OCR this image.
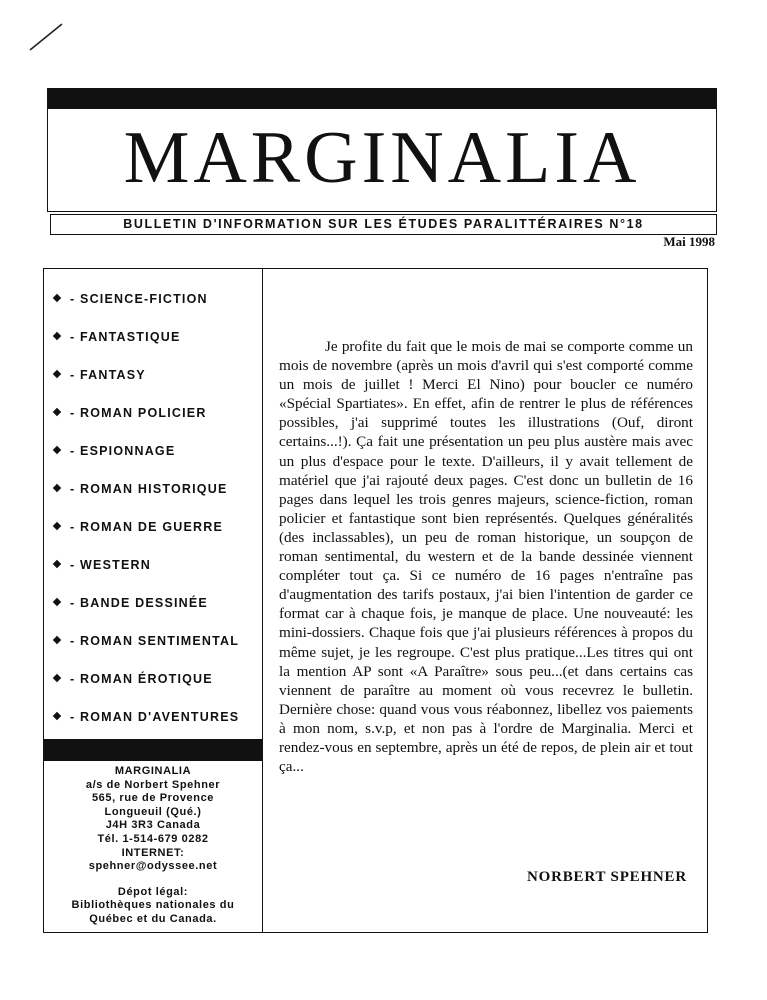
MARGINALIA
BULLETIN D'INFORMATION SUR LES ÉTUDES PARALITTÉRAIRES N°18
Mai 1998
- SCIENCE-FICTION
- FANTASTIQUE
- FANTASY
- ROMAN POLICIER
- ESPIONNAGE
- ROMAN HISTORIQUE
- ROMAN DE GUERRE
- WESTERN
- BANDE DESSINÉE
- ROMAN SENTIMENTAL
- ROMAN ÉROTIQUE
- ROMAN D'AVENTURES
MARGINALIA
a/s de Norbert Spehner
565, rue de Provence
Longueuil (Qué.)
J4H 3R3 Canada
Tél. 1-514-679 0282
INTERNET:
spehner@odyssee.net
Dépot légal:
Bibliothèques nationales du
Québec et du Canada.

Je profite du fait que le mois de mai se comporte comme un mois de novembre (après un mois d'avril qui s'est comporté comme un mois de juillet ! Merci El Nino) pour boucler ce numéro «Spécial Spartiates». En effet, afin de rentrer le plus de références possibles, j'ai supprimé toutes les illustrations (Ouf, diront certains...!). Ça fait une présentation un peu plus austère mais avec un plus d'espace pour le texte. D'ailleurs, il y avait tellement de matériel que j'ai rajouté deux pages. C'est donc un bulletin de 16 pages dans lequel les trois genres majeurs, science-fiction, roman policier et fantastique sont bien représentés. Quelques généralités (des inclassables), un peu de roman historique, un soupçon de roman sentimental, du western et de la bande dessinée viennent compléter tout ça. Si ce numéro de 16 pages n'entraîne pas d'augmentation des tarifs postaux, j'ai bien l'intention de garder ce format car à chaque fois, je manque de place. Une nouveauté: les mini-dossiers. Chaque fois que j'ai plusieurs références à propos du même sujet, je les regroupe. C'est plus pratique...Les titres qui ont la mention AP sont «A Paraître» sous peu...(et dans certains cas viennent de paraître au moment où vous recevrez le bulletin. Dernière chose: quand vous vous réabonnez, libellez vos paiements à mon nom, s.v.p, et non pas à l'ordre de Marginalia. Merci et rendez-vous en septembre, après un été de repos, de plein air et tout ça...

NORBERT SPEHNER
